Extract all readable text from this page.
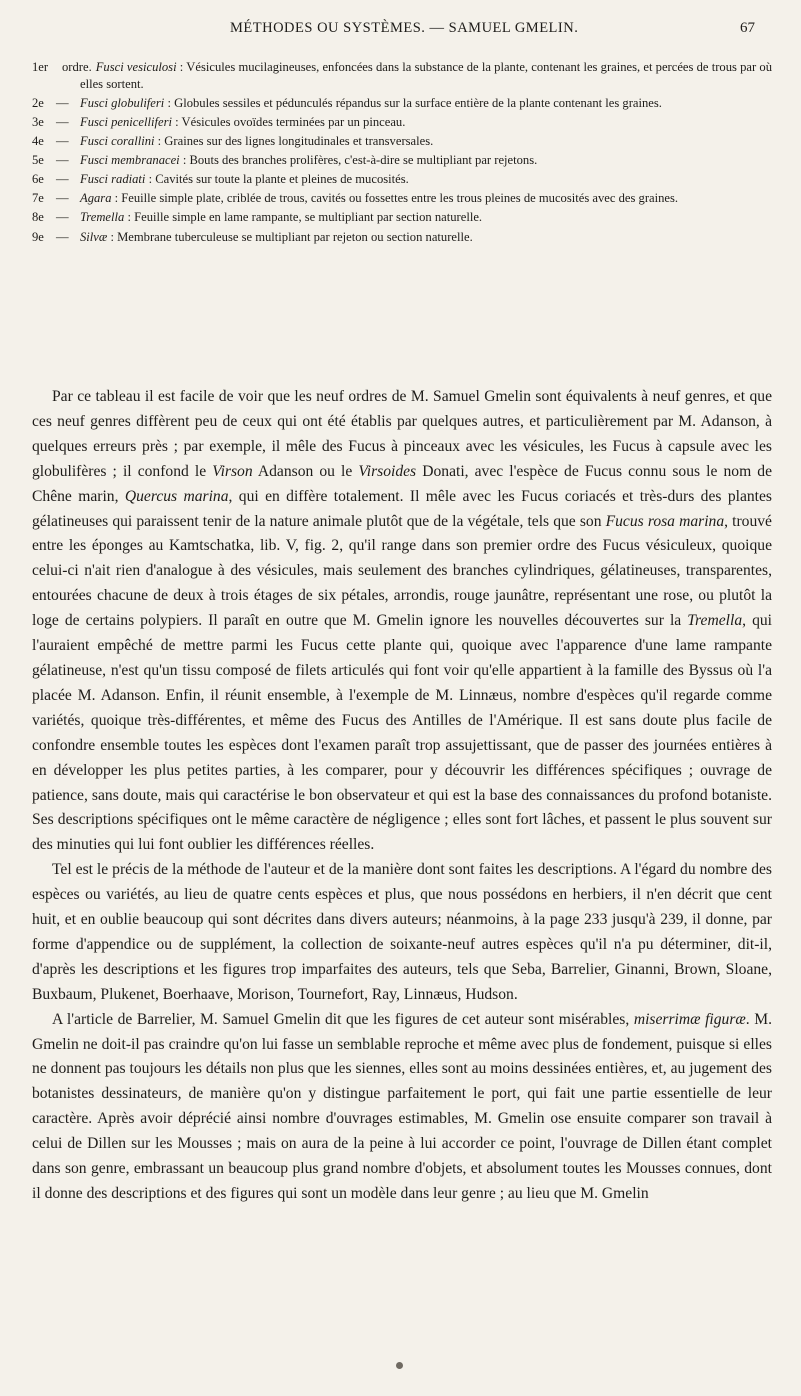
MÉTHODES OU SYSTÈMES. — SAMUEL GMELIN.	67
1er ordre. Fusci vesiculosi : Vésicules mucilagineuses, enfoncées dans la substance de la plante, contenant les graines, et percées de trous par où elles sortent.
2e — Fusci globuliferi : Globules sessiles et pédunculés répandus sur la surface entière de la plante contenant les graines.
3e — Fusci penicelliferi : Vésicules ovoïdes terminées par un pinceau.
4e — Fusci corallini : Graines sur des lignes longitudinales et transversales.
5e — Fusci membranacei : Bouts des branches prolifères, c'est-à-dire se multipliant par rejetons.
6e — Fusci radiati : Cavités sur toute la plante et pleines de mucosités.
7e — Agara : Feuille simple plate, criblée de trous, cavités ou fossettes entre les trous pleines de mucosités avec des graines.
8e — Tremella : Feuille simple en lame rampante, se multipliant par section naturelle.
9e — Silvæ : Membrane tuberculeuse se multipliant par rejeton ou section naturelle.

Par ce tableau il est facile de voir que les neuf ordres de M. Samuel Gmelin sont équivalents à neuf genres, et que ces neuf genres diffèrent peu de ceux qui ont été établis par quelques autres, et particulièrement par M. Adanson, à quelques erreurs près ; par exemple, il mêle des Fucus à pinceaux avec les vésicules, les Fucus à capsule avec les globulifères ; il confond le Virson Adanson ou le Virsoides Donati, avec l'espèce de Fucus connu sous le nom de Chêne marin, Quercus marina, qui en diffère totalement. Il mêle avec les Fucus coriacés et très-durs des plantes gélatineuses qui paraissent tenir de la nature animale plutôt que de la végétale, tels que son Fucus rosa marina, trouvé entre les éponges au Kamtschatka, lib. V, fig. 2, qu'il range dans son premier ordre des Fucus vésiculeux, quoique celui-ci n'ait rien d'analogue à des vésicules, mais seulement des branches cylindriques, gélatineuses, transparentes, entourées chacune de deux à trois étages de six pétales, arrondis, rouge jaunâtre, représentant une rose, ou plutôt la loge de certains polypiers. Il paraît en outre que M. Gmelin ignore les nouvelles découvertes sur la Tremella, qui l'auraient empêché de mettre parmi les Fucus cette plante qui, quoique avec l'apparence d'une lame rampante gélatineuse, n'est qu'un tissu composé de filets articulés qui font voir qu'elle appartient à la famille des Byssus où l'a placée M. Adanson. Enfin, il réunit ensemble, à l'exemple de M. Linnæus, nombre d'espèces qu'il regarde comme variétés, quoique très-différentes, et même des Fucus des Antilles de l'Amérique. Il est sans doute plus facile de confondre ensemble toutes les espèces dont l'examen paraît trop assujettissant, que de passer des journées entières à en développer les plus petites parties, à les comparer, pour y découvrir les différences spécifiques ; ouvrage de patience, sans doute, mais qui caractérise le bon observateur et qui est la base des connaissances du profond botaniste. Ses descriptions spécifiques ont le même caractère de négligence ; elles sont fort lâches, et passent le plus souvent sur des minuties qui lui font oublier les différences réelles.

Tel est le précis de la méthode de l'auteur et de la manière dont sont faites les descriptions. A l'égard du nombre des espèces ou variétés, au lieu de quatre cents espèces et plus, que nous possédons en herbiers, il n'en décrit que cent huit, et en oublie beaucoup qui sont décrites dans divers auteurs; néanmoins, à la page 233 jusqu'à 239, il donne, par forme d'appendice ou de supplément, la collection de soixante-neuf autres espèces qu'il n'a pu déterminer, dit-il, d'après les descriptions et les figures trop imparfaites des auteurs, tels que Seba, Barrelier, Ginanni, Brown, Sloane, Buxbaum, Plukenet, Boerhaave, Morison, Tournefort, Ray, Linnæus, Hudson.

A l'article de Barrelier, M. Samuel Gmelin dit que les figures de cet auteur sont misérables, miserrimæ figuræ. M. Gmelin ne doit-il pas craindre qu'on lui fasse un semblable reproche et même avec plus de fondement, puisque si elles ne donnent pas toujours les détails non plus que les siennes, elles sont au moins dessinées entières, et, au jugement des botanistes dessinateurs, de manière qu'on y distingue parfaitement le port, qui fait une partie essentielle de leur caractère. Après avoir déprécié ainsi nombre d'ouvrages estimables, M. Gmelin ose ensuite comparer son travail à celui de Dillen sur les Mousses ; mais on aura de la peine à lui accorder ce point, l'ouvrage de Dillen étant complet dans son genre, embrassant un beaucoup plus grand nombre d'objets, et absolument toutes les Mousses connues, dont il donne des descriptions et des figures qui sont un modèle dans leur genre ; au lieu que M. Gmelin
